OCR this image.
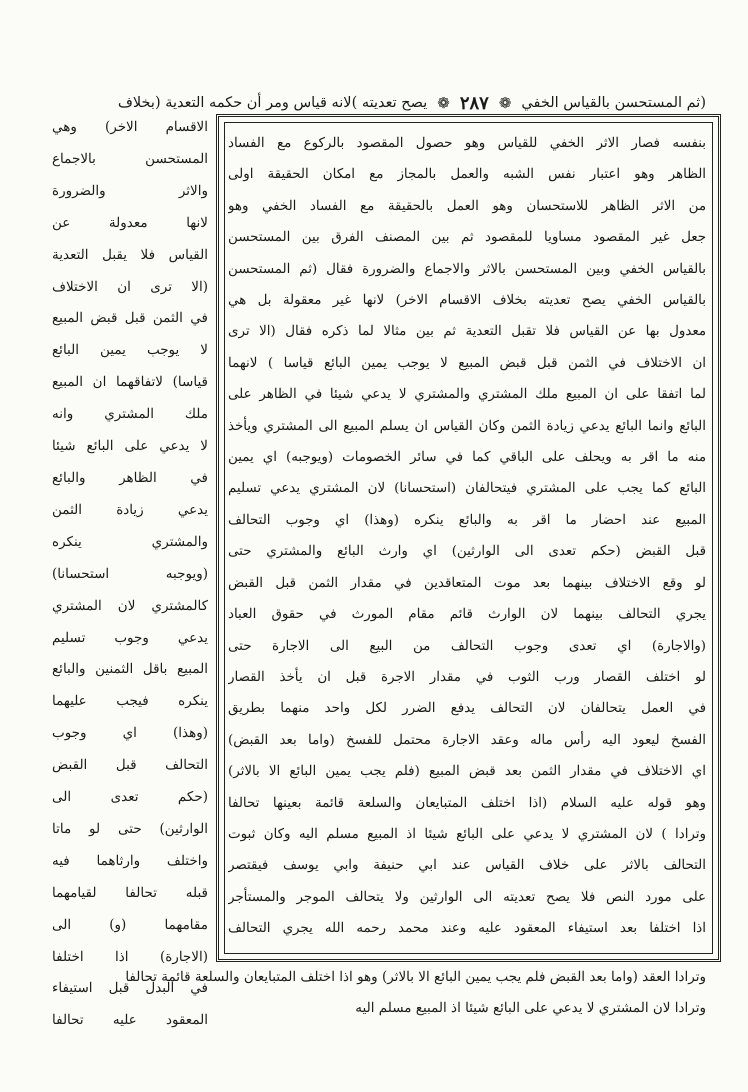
(ثم المستحسن بالقياس الخفي
❁
٢٨٧
❁
يصح تعديته )لانه قياس ومر أن حكمه التعدية (بخلاف
بنفسه فصار الاثر الخفي للقياس وهو حصول المقصود بالركوع مع الفساد
الظاهر وهو اعتبار نفس الشبه والعمل بالمجاز مع امكان الحقيقة اولى
من الاثر الظاهر للاستحسان وهو العمل بالحقيقة مع الفساد الخفي وهو
جعل غير المقصود مساويا للمقصود ثم بين المصنف الفرق بين المستحسن
بالقياس الخفي وبين المستحسن بالاثر والاجماع والضرورة فقال (ثم المستحسن
بالقياس الخفي يصح تعديته بخلاف الاقسام الاخر) لانها غير معقولة بل هي
معدول بها عن القياس فلا تقبل التعدية ثم بين مثالا لما ذكره فقال (الا ترى
ان الاختلاف في الثمن قبل قبض المبيع لا يوجب يمين البائع قياسا ) لانهما
لما اتفقا على ان المبيع ملك المشتري والمشتري لا يدعي شيئا في الظاهر على
البائع وانما البائع يدعي زيادة الثمن وكان القياس ان يسلم المبيع الى المشتري ويأخذ
منه ما اقر به ويحلف على الباقي كما في سائر الخصومات (ويوجبه) اي يمين
البائع كما يجب على المشتري فيتحالفان (استحسانا) لان المشتري يدعي تسليم
المبيع عند احضار ما اقر به والبائع ينكره (وهذا) اي وجوب التحالف
قبل القبض (حكم تعدى الى الوارثين) اي وارث البائع والمشتري حتى
لو وقع الاختلاف بينهما بعد موت المتعاقدين في مقدار الثمن قبل القبض
يجري التحالف بينهما لان الوارث قائم مقام المورث في حقوق العباد
(والاجارة) اي تعدى وجوب التحالف من البيع الى الاجارة حتى
لو اختلف القصار ورب الثوب في مقدار الاجرة قبل ان يأخذ القصار
في العمل يتحالفان لان التحالف يدفع الضرر لكل واحد منهما بطريق
الفسخ ليعود اليه رأس ماله وعقد الاجارة محتمل للفسخ (واما بعد القبض)
اي الاختلاف في مقدار الثمن بعد قبض المبيع (فلم يجب يمين البائع الا بالاثر)
وهو قوله عليه السلام (اذا اختلف المتبايعان والسلعة قائمة بعينها تحالفا
وترادا ) لان المشتري لا يدعي على البائع شيئا اذ المبيع مسلم اليه وكان ثبوت
التحالف بالاثر على خلاف القياس عند ابي حنيفة وابي يوسف فيقتصر
على مورد النص فلا يصح تعديته الى الوارثين ولا يتحالف الموجر والمستأجر
اذا اختلفا بعد استيفاء المعقود عليه وعند محمد رحمه الله يجري التحالف
الاقسام الاخر) وهي
المستحسن بالاجماع
والاثر والضرورة
لانها معدولة عن
القياس فلا يقبل التعدية
(الا ترى ان الاختلاف
في الثمن قبل قبض المبيع
لا يوجب يمين البائع
قياسا) لاتفاقهما ان المبيع
ملك المشتري وانه
لا يدعي على البائع شيئا
في الظاهر والبائع
يدعي زيادة الثمن
والمشتري ينكره
(ويوجبه استحسانا)
كالمشتري لان المشتري
يدعي وجوب تسليم
المبيع باقل الثمنين والبائع
ينكره فيجب عليهما
(وهذا) اي وجوب
التحالف قبل القبض
(حكم تعدى الى
الوارثين) حتى لو ماتا
واختلف وارثاهما فيه
قبله تحالفا لقيامهما
مقامهما (و) الى
(الاجارة) اذا اختلفا
في البدل قبل استيفاء
المعقود عليه تحالفا
وترادا العقد (واما بعد القبض فلم يجب يمين البائع الا بالاثر) وهو اذا اختلف المتبايعان والسلعة قائمة تحالفا
وترادا لان المشتري لا يدعي على البائع شيئا اذ المبيع مسلم اليه
